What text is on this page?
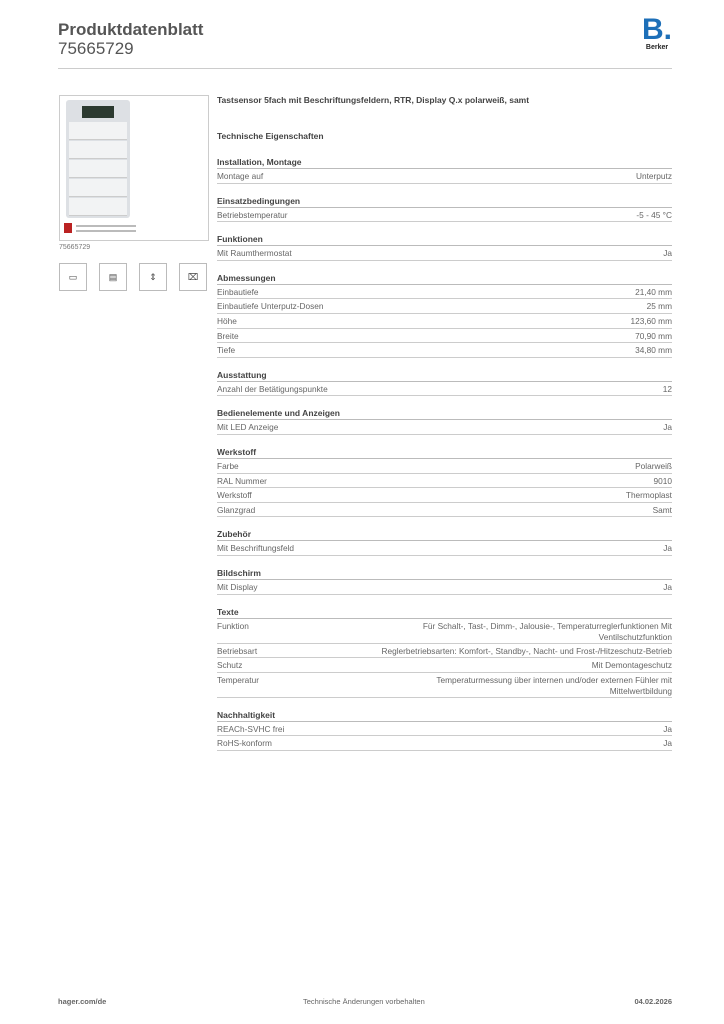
Produktdatenblatt
75665729
B.
Berker
75665729
▭	▤	⇕	⌧
Tastsensor 5fach mit Beschriftungsfeldern, RTR, Display Q.x polarweiß, samt
Technische Eigenschaften
Installation, Montage
Montage auf	Unterputz
Einsatzbedingungen
Betriebstemperatur	-5 - 45 °C
Funktionen
Mit Raumthermostat	Ja
Abmessungen
Einbautiefe	21,40 mm
Einbautiefe Unterputz-Dosen	25 mm
Höhe	123,60 mm
Breite	70,90 mm
Tiefe	34,80 mm
Ausstattung
Anzahl der Betätigungspunkte	12
Bedienelemente und Anzeigen
Mit LED Anzeige	Ja
Werkstoff
Farbe	Polarweiß
RAL Nummer	9010
Werkstoff	Thermoplast
Glanzgrad	Samt
Zubehör
Mit Beschriftungsfeld	Ja
Bildschirm
Mit Display	Ja
Texte
Funktion	Für Schalt-, Tast-, Dimm-, Jalousie-, Temperaturreglerfunktionen Mit Ventilschutzfunktion
Betriebsart	Reglerbetriebsarten: Komfort-, Standby-, Nacht- und Frost-/Hitzeschutz-Betrieb
Schutz	Mit Demontageschutz
Temperatur	Temperaturmessung über internen und/oder externen Fühler mit Mittelwertbildung
Nachhaltigkeit
REACh-SVHC frei	Ja
RoHS-konform	Ja
hager.com/de	Technische Änderungen vorbehalten	04.02.2026
